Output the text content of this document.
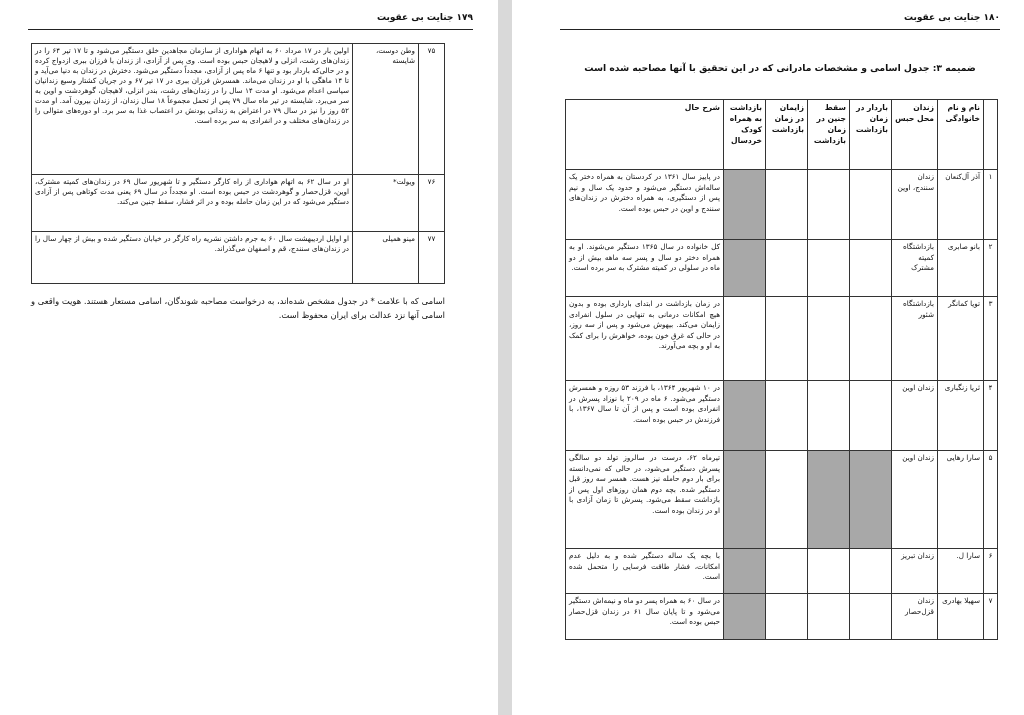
۱۷۹ جنایت بی عقوبت
۷۵	وطن دوست، شایسته	اولین بار در ۱۷ مرداد ۶۰ به اتهام هواداری از سازمان مجاهدین خلق دستگیر می‌شود و تا ۱۷ تیر ۶۴ را در زندان‌های رشت، انزلی و لاهیجان حبس بوده است. وی پس از آزادی، از زندان با فرزان ببری ازدواج کرده و در حالی‌که باردار بود و تنها ۶ ماه پس از آزادی، مجدداً دستگیر می‌شود. دخترش در زندان به دنیا می‌آید و تا ۱۴ ماهگی با او در زندان می‌ماند. همسرش فرزان ببری در ۱۷ تیر ۶۷ و در جریان کشتار وسیع زندانیان سیاسی اعدام می‌شود. او مدت ۱۴ سال را در زندان‌های رشت، بندر انزلی، لاهیجان، گوهردشت و اوین به سر می‌برد. شایسته در تیر ماه سال ۷۹ پس از تحمل مجموعاً ۱۸ سال زندان، از زندان بیرون آمد. او مدت ۵۲ روز را نیز در سال ۷۹ در اعتراض به زندانی بودنش در اعتصاب غذا به سر برد. او دوره‌های متوالی را در زندان‌های مختلف و در انفرادی به سر برده است.
۷۶	ویولت*	او در سال ۶۲ به اتهام هواداری از راه کارگر دستگیر و تا شهریور سال ۶۹ در زندان‌های کمیته مشترک، اوین، قزل‌حصار و گوهردشت در حبس بوده است. او مجدداً در سال ۶۹ یعنی مدت کوتاهی پس از آزادی دستگیر می‌شود که در این زمان حامله بوده و در اثر فشار، سقط جنین می‌کند.
۷۷	مینو همیلی	او اوایل اردیبهشت سال ۶۰ به جرم داشتن نشریه راه کارگر در خیابان دستگیر شده و بیش از چهار سال را در زندان‌های سنندج، قم و اصفهان می‌گذراند.
اسامی که با علامت * در جدول مشخص شده‌اند، به درخواست مصاحبه شوندگان، اسامی مستعار هستند. هویت واقعی و اسامی آنها نزد عدالت برای ایران محفوظ است.
۱۸۰ جنایت بی عقوبت
ضمیمه ۳: جدول اسامی و مشخصات مادرانی که در این تحقیق با آنها مصاحبه شده است
	نام و نام خانوادگی	زندان محل حبس	باردار در زمان بازداشت	سقط جنین در زمان بازداشت	زایمان در زمان بازداشت	بازداشت به همراه کودک خردسال	شرح حال
۱	آذر آل‌کنعان	زندان سنندج، اوین					در پاییز سال ۱۳۶۱ در کردستان به همراه دختر یک ساله‌اش دستگیر می‌شود و حدود یک سال و نیم پس از دستگیری، به همراه دخترش در زندان‌های سنندج و اوین در حبس بوده است.
۲	بانو صابری	بازداشتگاه کمیته مشترک					کل خانواده در سال ۱۳۶۵ دستگیر می‌شوند. او به همراه دختر دو سال و پسر سه ماهه بیش از دو ماه در سلولی در کمیته مشترک به سر برده است.
۳	تویا کمانگر	بازداشتگاه شئور					در زمان بازداشت در ابتدای بارداری بوده و بدون هیچ امکانات درمانی به تنهایی در سلول انفرادی زایمان می‌کند. بیهوش می‌شود و پس از سه روز، در حالی که غرق خون بوده، خواهرش را برای کمک به او و بچه می‌آورند.
۴	ثریا زنگباری	زندان اوین					در ۱۰ شهریور ۱۳۶۴، با فرزند ۵۳ روزه و همسرش دستگیر می‌شود. ۶ ماه در ۲۰۹ با نوزاد پسرش در انفرادی بوده است و پس از آن تا سال ۱۳۶۷، با فرزندش در حبس بوده است.
۵	سارا رهایی	زندان اوین					تیرماه ۶۲، درست در سالروز تولد دو سالگی پسرش دستگیر می‌شود، در حالی که نمی‌دانسته برای بار دوم حامله نیز هست. همسر سه روز قبل دستگیر شده. بچه دوم همان روزهای اول پس از بازداشت سقط می‌شود. پسرش تا زمان آزادی با او در زندان بوده است.
۶	سارا ل.	زندان تبریز					با بچه یک ساله دستگیر شده و به دلیل عدم امکانات، فشار طاقت فرسایی را متحمل شده است.
۷	سهیلا بهادری	زندان قزل‌حصار					در سال ۶۰ به همراه پسر دو ماه و نیمه‌اش دستگیر می‌شود و تا پایان سال ۶۱ در زندان قزل‌حصار حبس بوده است.
